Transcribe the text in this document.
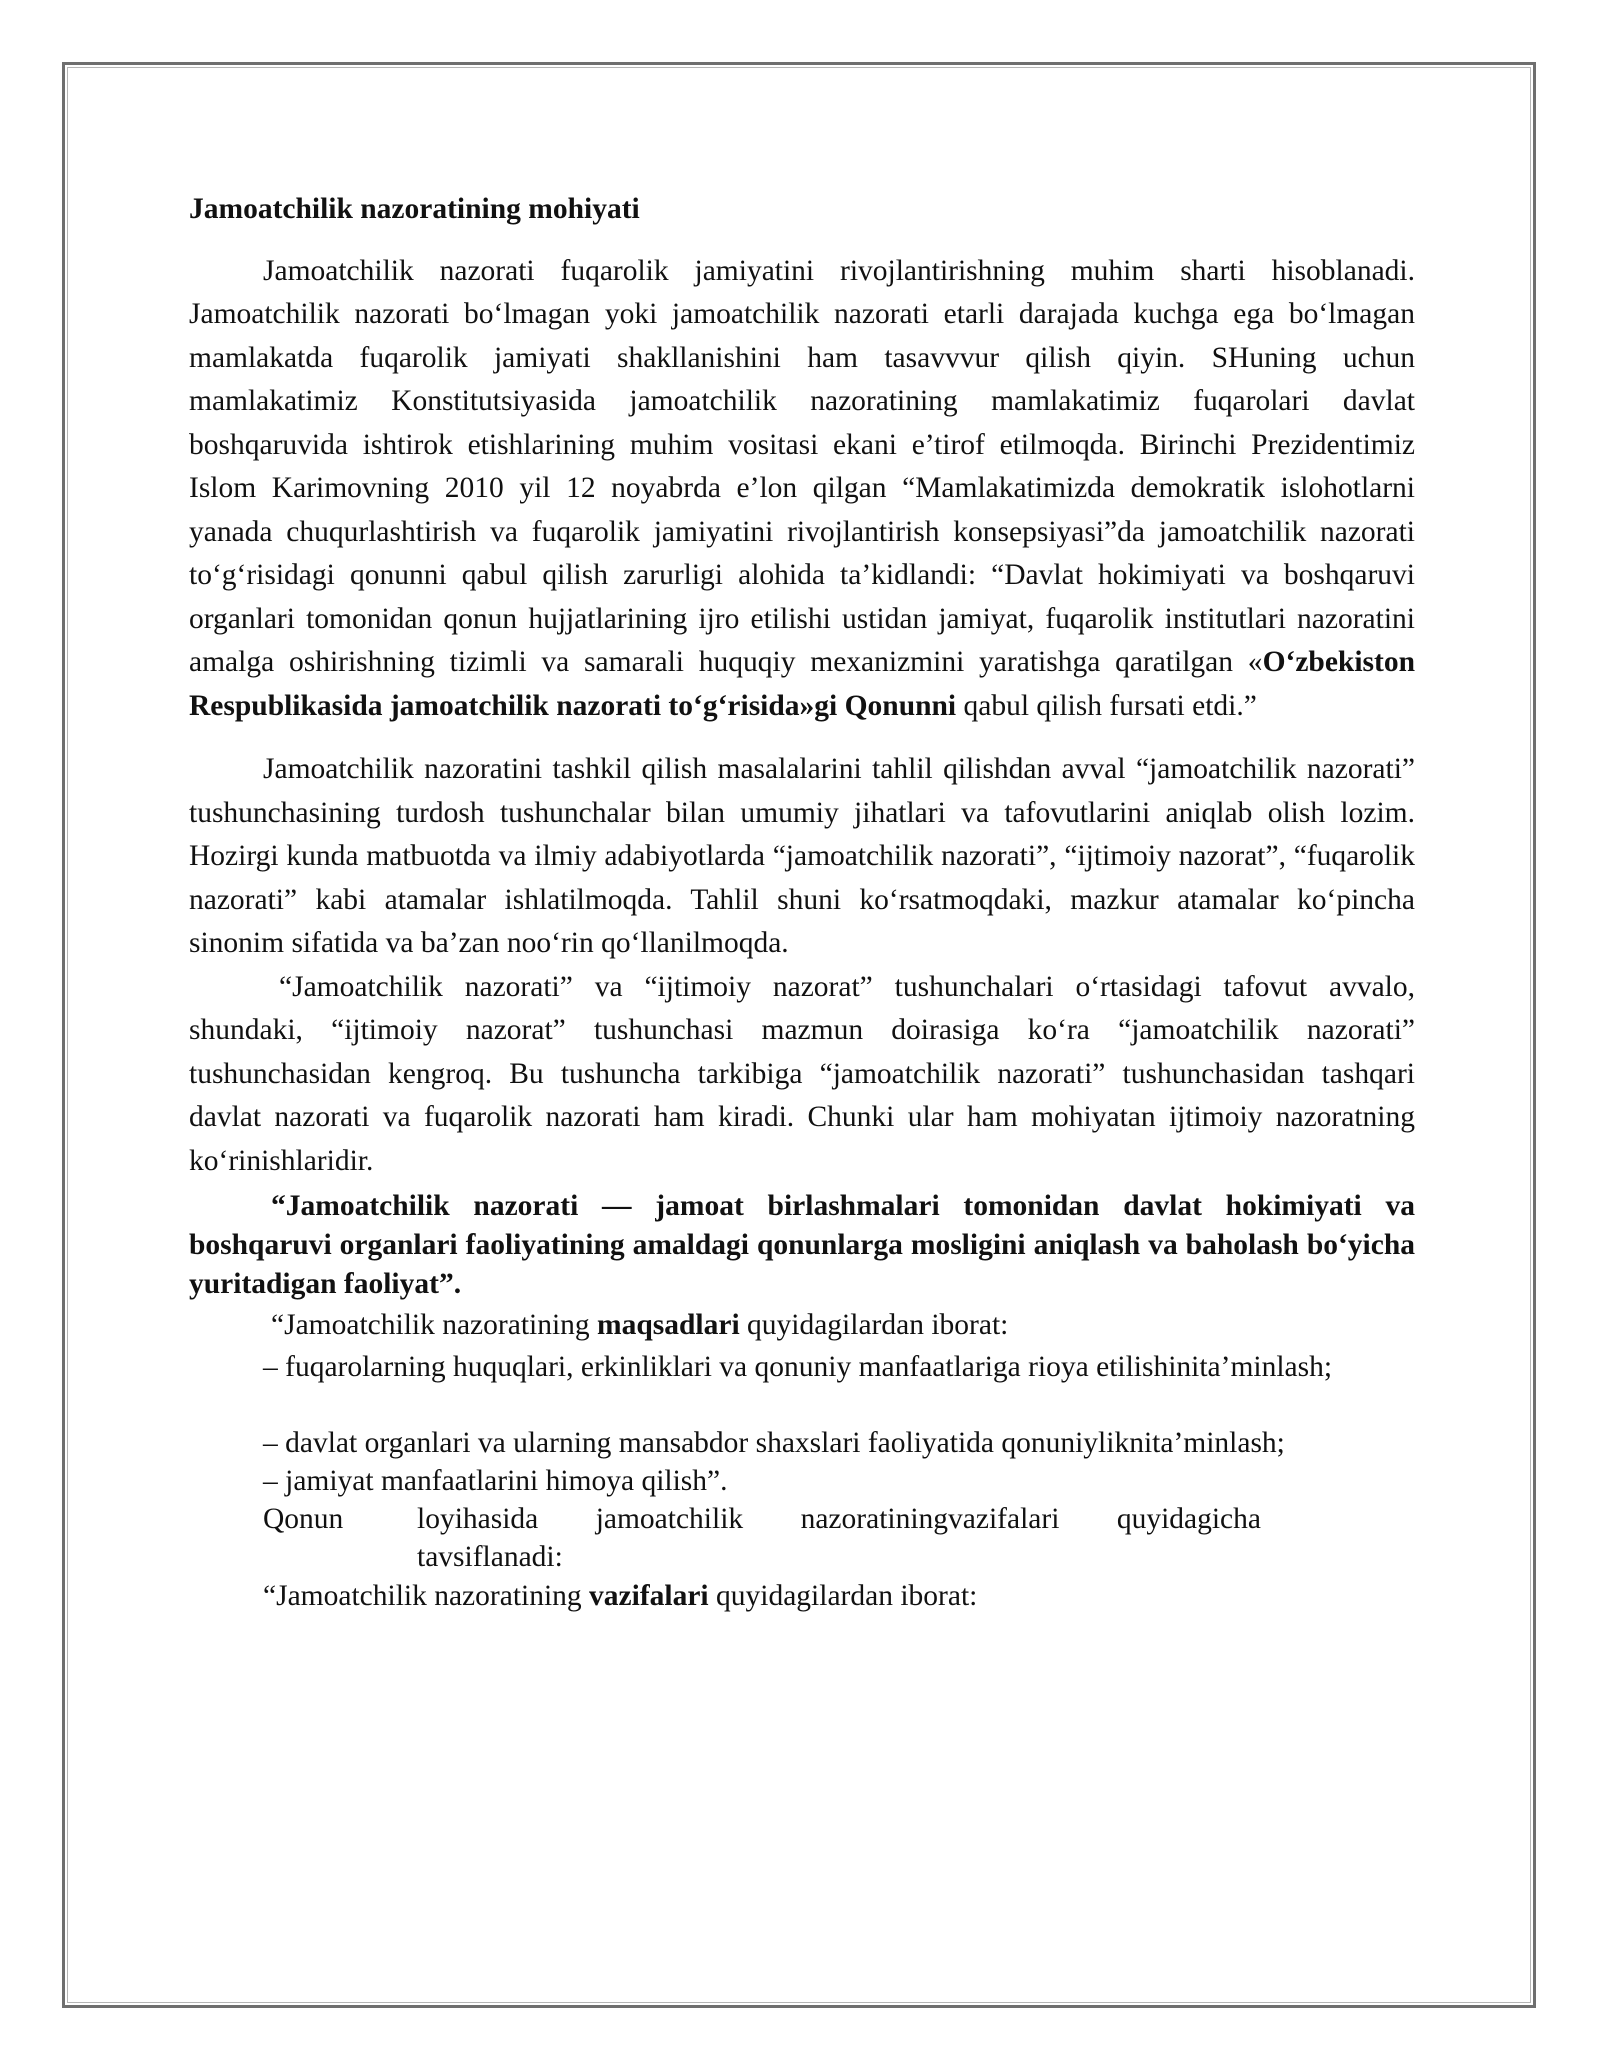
Jamoatchilik nazoratining mohiyati

Jamoatchilik nazorati fuqarolik jamiyatini rivojlantirishning muhim sharti hisoblanadi. Jamoatchilik nazorati bo‘lmagan yoki jamoatchilik nazorati etarli darajada kuchga ega bo‘lmagan mamlakatda fuqarolik jamiyati shakllanishini ham tasavvvur qilish qiyin. SHuning uchun mamlakatimiz Konstitutsiyasida jamoatchilik nazoratining mamlakatimiz fuqarolari davlat boshqaruvida ishtirok etishlarining muhim vositasi ekani e’tirof etilmoqda. Birinchi Prezidentimiz Islom Karimovning 2010 yil 12 noyabrda e’lon qilgan “Mamlakatimizda demokratik islohotlarni yanada chuqurlashtirish va fuqarolik jamiyatini rivojlantirish konsepsiyasi”da jamoatchilik nazorati to‘g‘risidagi qonunni qabul qilish zarurligi alohida ta’kidlandi: “Davlat hokimiyati va boshqaruvi organlari tomonidan qonun hujjatlarining ijro etilishi ustidan jamiyat, fuqarolik institutlari nazoratini amalga oshirishning tizimli va samarali huquqiy mexanizmini yaratishga qaratilgan «O‘zbekiston Respublikasida jamoatchilik nazorati to‘g‘risida»gi Qonunni qabul qilish fursati etdi.”

Jamoatchilik nazoratini tashkil qilish masalalarini tahlil qilishdan avval “jamoatchilik nazorati” tushunchasining turdosh tushunchalar bilan umumiy jihatlari va tafovutlarini aniqlab olish lozim. Hozirgi kunda matbuotda va ilmiy adabiyotlarda “jamoatchilik nazorati”, “ijtimoiy nazorat”, “fuqarolik nazorati” kabi atamalar ishlatilmoqda. Tahlil shuni ko‘rsatmoqdaki, mazkur atamalar ko‘pincha sinonim sifatida va ba’zan noo‘rin qo‘llanilmoqda.

“Jamoatchilik nazorati” va “ijtimoiy nazorat” tushunchalari o‘rtasidagi tafovut avvalo, shundaki, “ijtimoiy nazorat” tushunchasi mazmun doirasiga ko‘ra “jamoatchilik nazorati” tushunchasidan kengroq. Bu tushuncha tarkibiga “jamoatchilik nazorati” tushunchasidan tashqari davlat nazorati va fuqarolik nazorati ham kiradi. Chunki ular ham mohiyatan ijtimoiy nazoratning ko‘rinishlaridir.

“Jamoatchilik nazorati — jamoat birlashmalari tomonidan davlat hokimiyati va boshqaruvi organlari faoliyatining amaldagi qonunlarga mosligini aniqlash va baholash bo‘yicha yuritadigan faoliyat”.

“Jamoatchilik nazoratining maqsadlari quyidagilardan iborat:

– fuqarolarning huquqlari, erkinliklari va qonuniy manfaatlariga rioya etilishinita’minlash;

– davlat organlari va ularning mansabdor shaxslari faoliyatida qonuniyliknita’minlash;

– jamiyat manfaatlarini himoya qilish”.

Qonun	loyihasida jamoatchilik nazoratiningvazifalari quyidagicha tavsiflanadi:

“Jamoatchilik nazoratining vazifalari quyidagilardan iborat:
